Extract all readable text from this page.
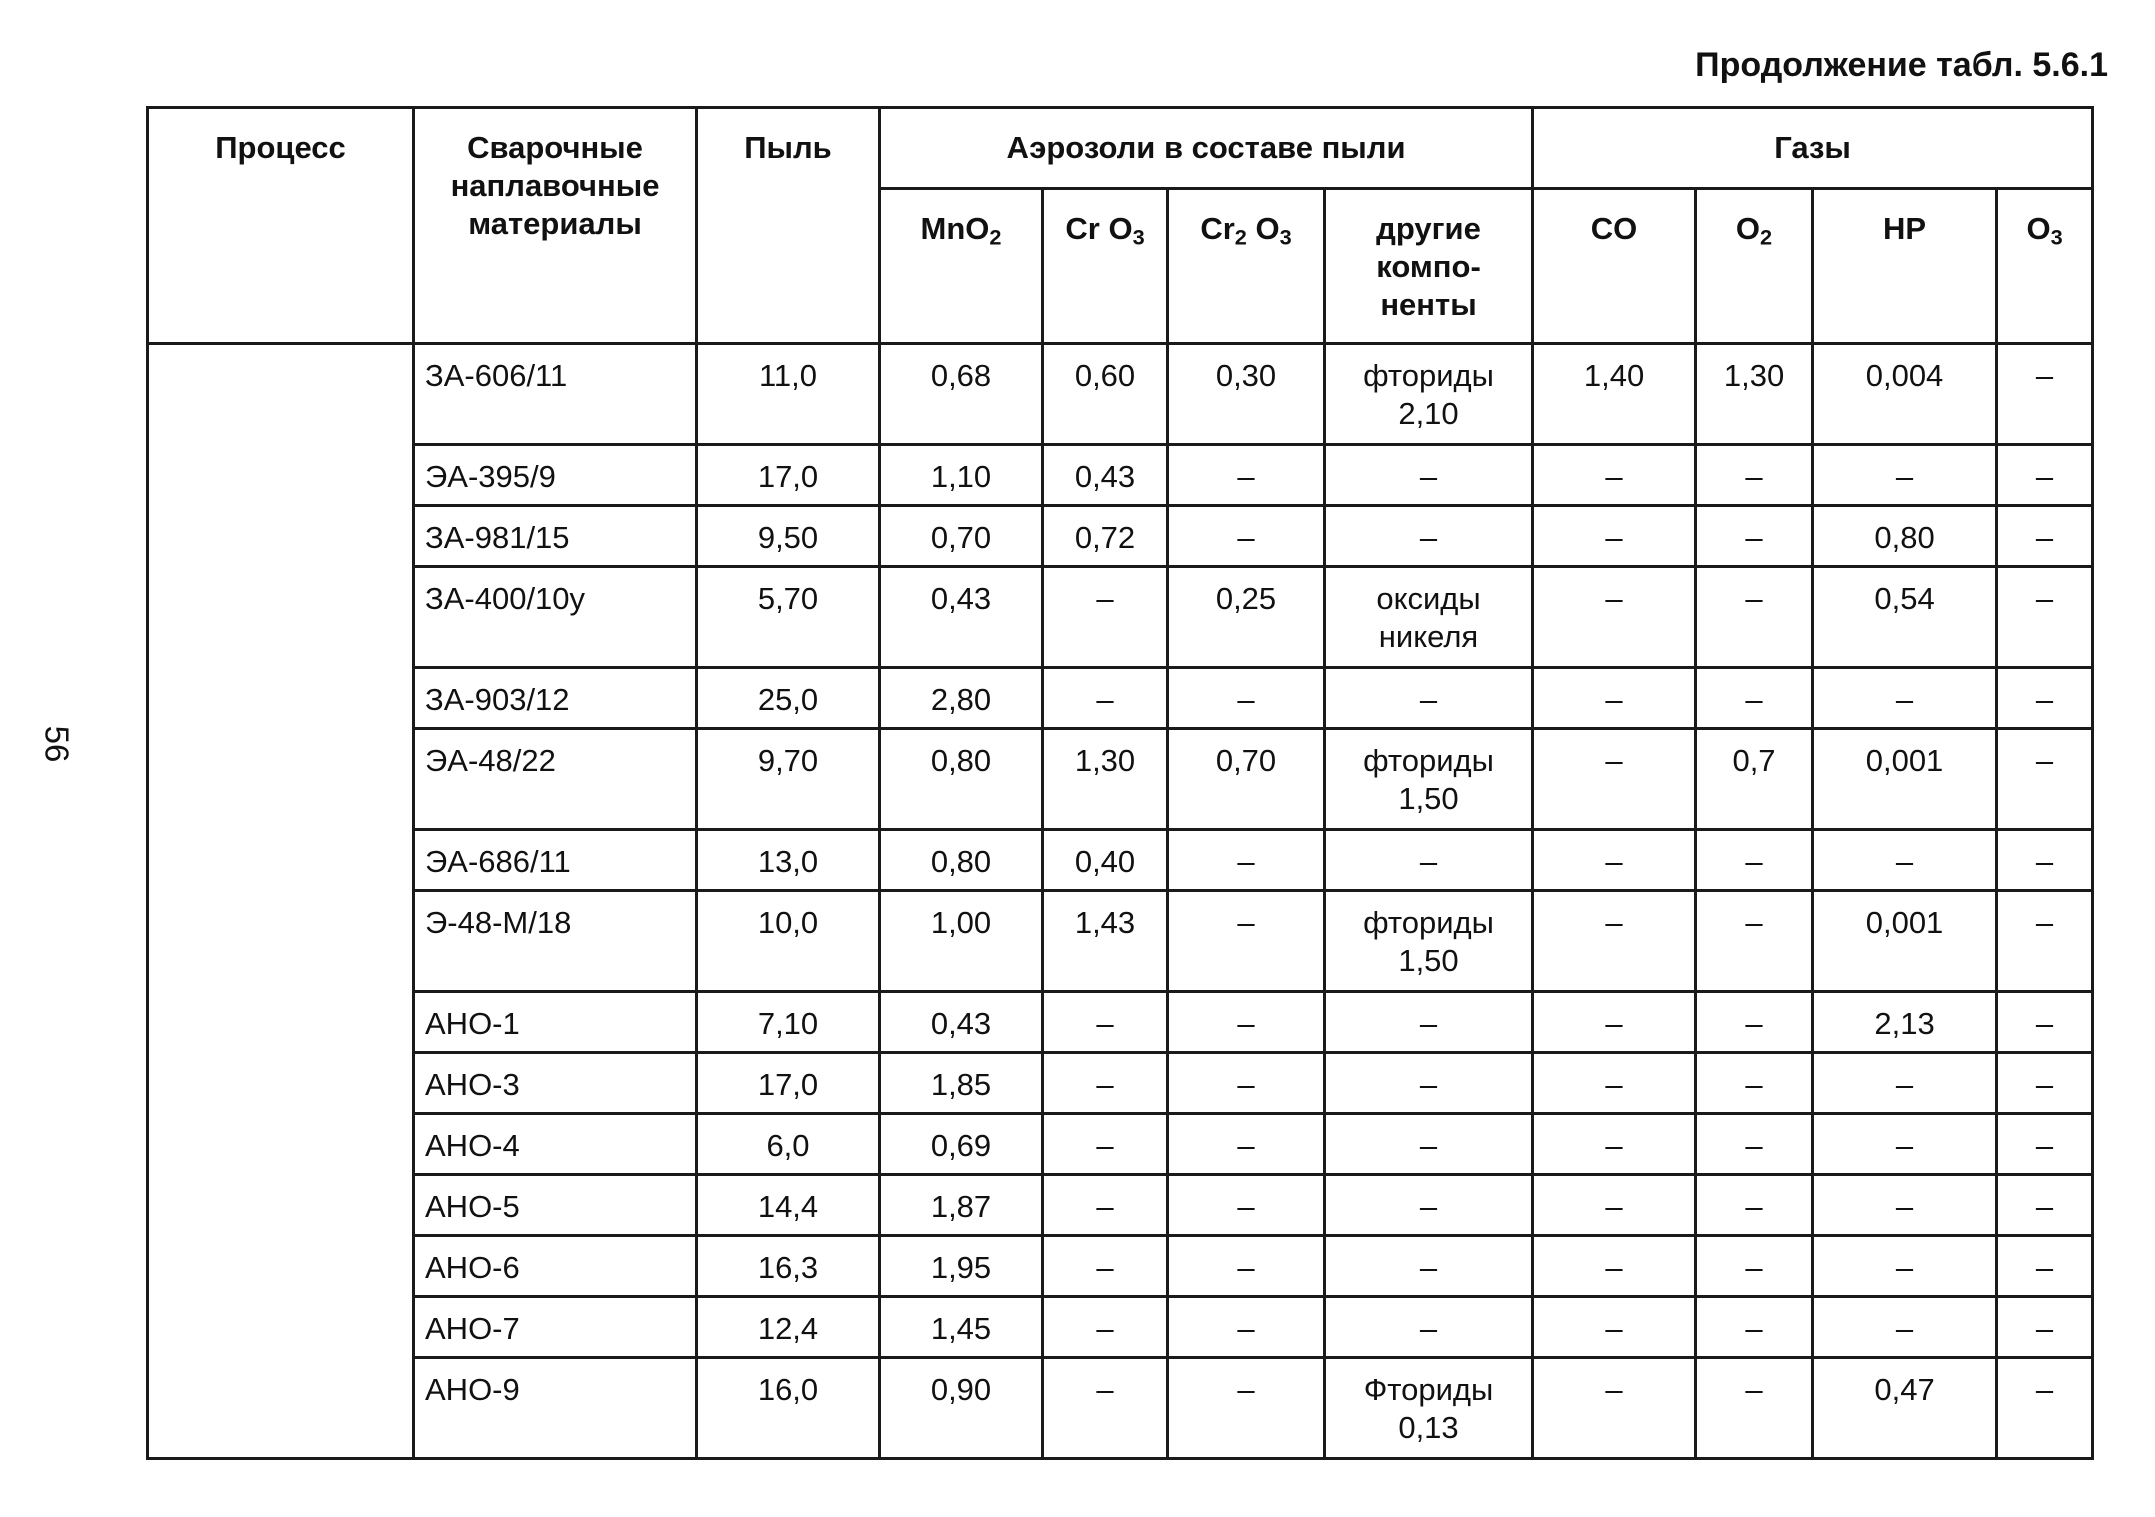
56
Продолжение табл. 5.6.1
Процесс	Сварочные наплавочные материалы	Пыль	Аэрозоли в составе пыли				Газы			
			MnO$_2$	Cr $O_3$	$Cr_2$ $O_3$	другие компо-ненты	CO	$O_2$	HP	$O_3$
	ЗА-606/11	11,0	0,68	0,60	0,30	фториды 2,10	1,40	1,30	0,004	–
	ЭА-395/9	17,0	1,10	0,43	–	–	–	–	–	–
	ЗА-981/15	9,50	0,70	0,72	–	–	–	–	0,80	–
	ЗА-400/10у	5,70	0,43	–	0,25	оксиды никеля	–	–	0,54	–
	ЗА-903/12	25,0	2,80	–	–	–	–	–	–	–
	ЭА-48/22	9,70	0,80	1,30	0,70	фториды 1,50	–	0,7	0,001	–
	ЭА-686/11	13,0	0,80	0,40	–	–	–	–	–	–
	Э-48-М/18	10,0	1,00	1,43	–	фториды 1,50	–	–	0,001	–
	АНО-1	7,10	0,43	–	–	–	–	–	2,13	–
	АНО-3	17,0	1,85	–	–	–	–	–	–	–
	АНО-4	6,0	0,69	–	–	–	–	–	–	–
	АНО-5	14,4	1,87	–	–	–	–	–	–	–
	АНО-6	16,3	1,95	–	–	–	–	–	–	–
	АНО-7	12,4	1,45	–	–	–	–	–	–	–
	АНО-9	16,0	0,90	–	–	Фториды 0,13	–	–	0,47	–
